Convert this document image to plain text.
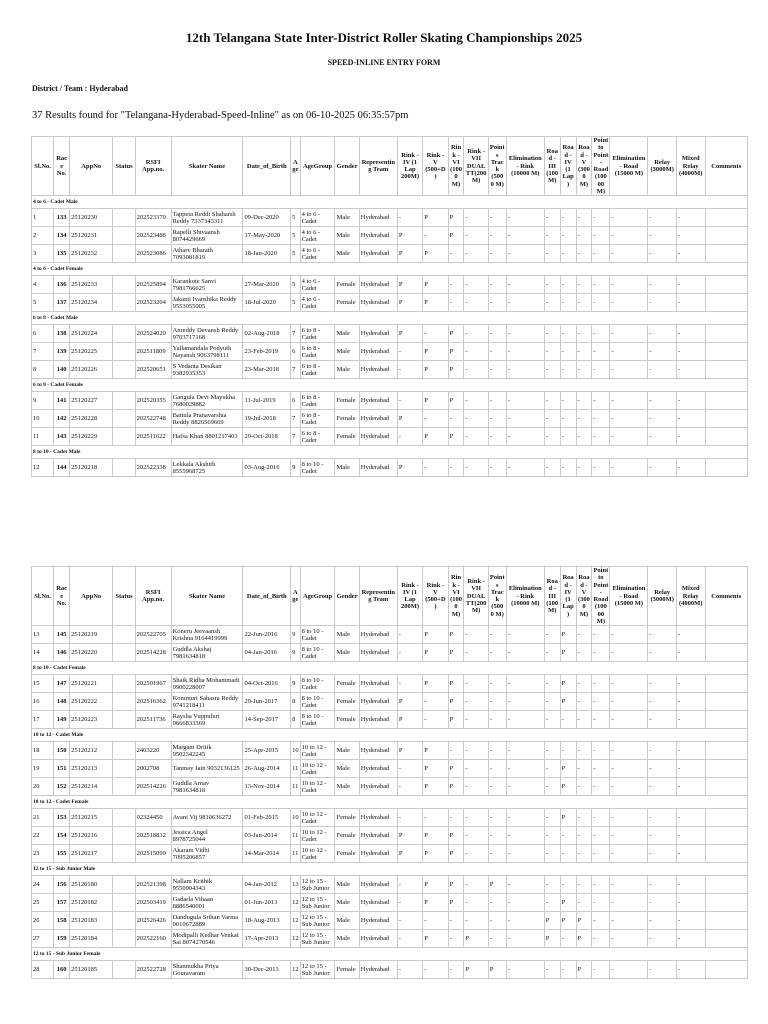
12th Telangana State Inter-District Roller Skating Championships 2025
SPEED-INLINE ENTRY FORM
District / Team : Hyderabad
37 Results found for "Telangana-Hyderabad-Speed-Inline" as on 06-10-2025 06:35:57pm
Sl.No.	Race No.	AppNo	Status	RSFI App.no.	Skater Name	Date_of_Birth	Age	AgeGroup	Gender	Representing Team	Rink - IV (1 Lap 200M)	Rink - V (500+D)	Rink - VI (1000 M)	Rink - VII DUAL TT(200 M)	Points Track (5000 M)	Elimination - Rink (10000 M)	Road - III (100 M)	Road - IV (1 Lap)	Road - V (3000 M)	Point to Point - Road (10000 M)	Elimination - Road (15000 M)	Relay (3000M)	Mixed Relay (4000M)	Comments
4 to 6 - Cadet Male																								
1	133	25120230		202523370	Tappeta Reddi Shaharsh Reddy 7337343311	09-Dec-2020	5	4 to 6 - Cadet	Male	Hyderabad	-	P	P	-	-	-	-	-	-	-	-	-	-	
2	134	25120231		202523488	Rapelli Shivaansh 8074429669	17-May-2020	5	4 to 6 - Cadet	Male	Hyderabad	P	-	P	-	-	-	-	-	-	-	-	-	-	
3	135	25120232		202523086	Atharv Bharath 7093081819	18-Jan-2020	5	4 to 6 - Cadet	Male	Hyderabad	P	P	-	-	-	-	-	-	-	-	-	-	-	
4 to 6 - Cadet Female																								
4	136	25120233		202525894	Karankote Sanvi 7981766625	27-Mar-2020	5	4 to 6 - Cadet	Female	Hyderabad	P	P	-	-	-	-	-	-	-	-	-	-	-	
5	137	25120234		202523204	Jakanti Ivanshika Reddy 9553055005	18-Jul-2020	5	4 to 6 - Cadet	Female	Hyderabad	P	P	-	-	-	-	-	-	-	-	-	-	-	
6 to 8 - Cadet Male																								
6	138	25120224		202524020	Anreddy Devansh Reddy 9703717168	02-Aug-2018	7	6 to 8 - Cadet	Male	Hyderabad	P	-	P	-	-	-	-	-	-	-	-	-	-	
7	139	25120225		202511809	Yallamandala Podyuth Nayansh 9063798111	23-Feb-2019	6	6 to 8 - Cadet	Male	Hyderabad	-	P	P	-	-	-	-	-	-	-	-	-	-	
8	140	25120226		202520651	S Vedanta Desikan 9382935353	23-Mar-2018	7	6 to 8 - Cadet	Male	Hyderabad	-	P	P	-	-	-	-	-	-	-	-	-	-	
6 to 8 - Cadet Female																								
9	141	25120227		202520355	Gangula Devi Mayukha 7680029882	11-Jul-2019	6	6 to 8 - Cadet	Female	Hyderabad	-	P	P	-	-	-	-	-	-	-	-	-	-	
10	142	25120228		202522748	Battula Pranavarshia Reddy 8826569669	19-Jul-2018	7	6 to 8 - Cadet	Female	Hyderabad	P	-	-	-	-	-	-	-	-	-	-	-	-	
11	143	25120229		202511622	Hafsa Khan 8801217403	29-Oct-2018	7	6 to 8 - Cadet	Female	Hyderabad	-	P	P	-	-	-	-	-	-	-	-	-	-	
8 to 10 - Cadet Male																								
12	144	25120218		202522338	Lekkala Akshith 8555968725	03-Aug-2016	9	8 to 10 - Cadet	Male	Hyderabad	P	-	-	-	-	-	-	-	-	-	-	-	-	
Sl.No.	Race No.	AppNo	Status	RSFI App.no.	Skater Name	Date_of_Birth	Age	AgeGroup	Gender	Representing Team	Rink - IV (1 Lap 200M)	Rink - V (500+D)	Rink - VI (1000 M)	Rink - VII DUAL TT(200 M)	Points Track (5000 M)	Elimination - Rink (10000 M)	Road - III (100 M)	Road - IV (1 Lap)	Road - V (3000 M)	Point to Point - Road (10000 M)	Elimination - Road (15000 M)	Relay (3000M)	Mixed Relay (4000M)	Comments
13	145	25120219		202522705	Koneru Jeevaansh Krishna 9164419999	22-Jun-2016	9	8 to 10 - Cadet	Male	Hyderabad	-	P	P	-	-	-	-	P	-	-	-	-	-	
14	146	25120220		202514228	Guddla Akshaj 7981634818	04-Jan-2016	9	8 to 10 - Cadet	Male	Hyderabad	-	P	P	-	-	-	-	P	-	-	-	-	-	
8 to 10 - Cadet Female																								
15	147	25120221		202501967	Shaik Ridha Mohammadi 9900228007	04-Oct-2016	9	8 to 10 - Cadet	Female	Hyderabad	-	P	P	-	-	-	-	P	-	-	-	-	-	
16	148	25120222		202516362	Kommuri Sahasra Reddy 9741218411	29-Jun-2017	8	8 to 10 - Cadet	Female	Hyderabad	P	-	P	-	-	-	-	P	-	-	-	-	-	
17	149	25120223		202511736	Raysha Vuppuluri 9666833369	14-Sep-2017	8	8 to 10 - Cadet	Female	Hyderabad	P	-	P	-	-	-	-	-	-	-	-	-	-	
10 to 12 - Cadet Male																								
18	150	25120212		2403220	Margam Dritik 9502342245	25-Apr-2015	10	10 to 12 - Cadet	Male	Hyderabad	P	P	-	-	-	-	-	-	-	-	-	-	-	
19	151	25120213		2002708	Tanmay Jain 9032136125	26-Aug-2014	11	10 to 12 - Cadet	Male	Hyderabad	-	P	P	-	-	-	-	P	-	-	-	-	-	
20	152	25120214		202514226	Guddla Arnav 7981634818	13-Nov-2014	11	10 to 12 - Cadet	Male	Hyderabad	-	P	P	-	-	-	-	P	-	-	-	-	-	
10 to 12 - Cadet Female																								
21	153	25120215		02324450	Avani Vij 9810636272	01-Feb-2015	10	10 to 12 - Cadet	Female	Hyderabad	-	-	-	-	-	-	-	P	-	-	-	-	-	
22	154	25120216		202518832	Jessica Angel 8978725044	03-Jan-2014	11	10 to 12 - Cadet	Female	Hyderabad	P	P	P	-	-	-	-	-	-	-	-	-	-	
23	155	25120217		202515099	Akaram Vidhi 7095206857	14-Mar-2014	11	10 to 12 - Cadet	Female	Hyderabad	P	P	P	-	-	-	-	-	-	-	-	-	-	
12 to 15 - Sub Junior Male																								
24	156	25120180		202521398	Nallam Krithik 9550904343	04-Jan-2012	13	12 to 15 - Sub Junior	Male	Hyderabad	-	P	P	-	P	-	-	-	-	-	-	-	-	
25	157	25120182		202503419	Gadarla Vihaan 8886540001	01-Jun-2013	12	12 to 15 - Sub Junior	Male	Hyderabad	-	P	P	-	-	-	-	P	-	-	-	-	-	
26	158	25120183		202526426	Dandugula Srihan Varma 9010672889	18-Aug-2013	12	12 to 15 - Sub Junior	Male	Hyderabad	-	-	-	-	-	-	P	P	P	-	-	-	-	
27	159	25120184		202522160	Modipalli Kedhar Venkat Sai 8074270546	17-Apr-2013	12	12 to 15 - Sub Junior	Male	Hyderabad	-	P	-	P	-	-	P	-	P	-	-	-	-	
12 to 15 - Sub Junior Female																								
28	160	25120185		202522728	Shanmukha Priya Gouravaram	30-Dec-2013	12	12 to 15 - Sub Junior	Female	Hyderabad	-	-	-	P	P	-	-	-	P	-	-	-	-	
